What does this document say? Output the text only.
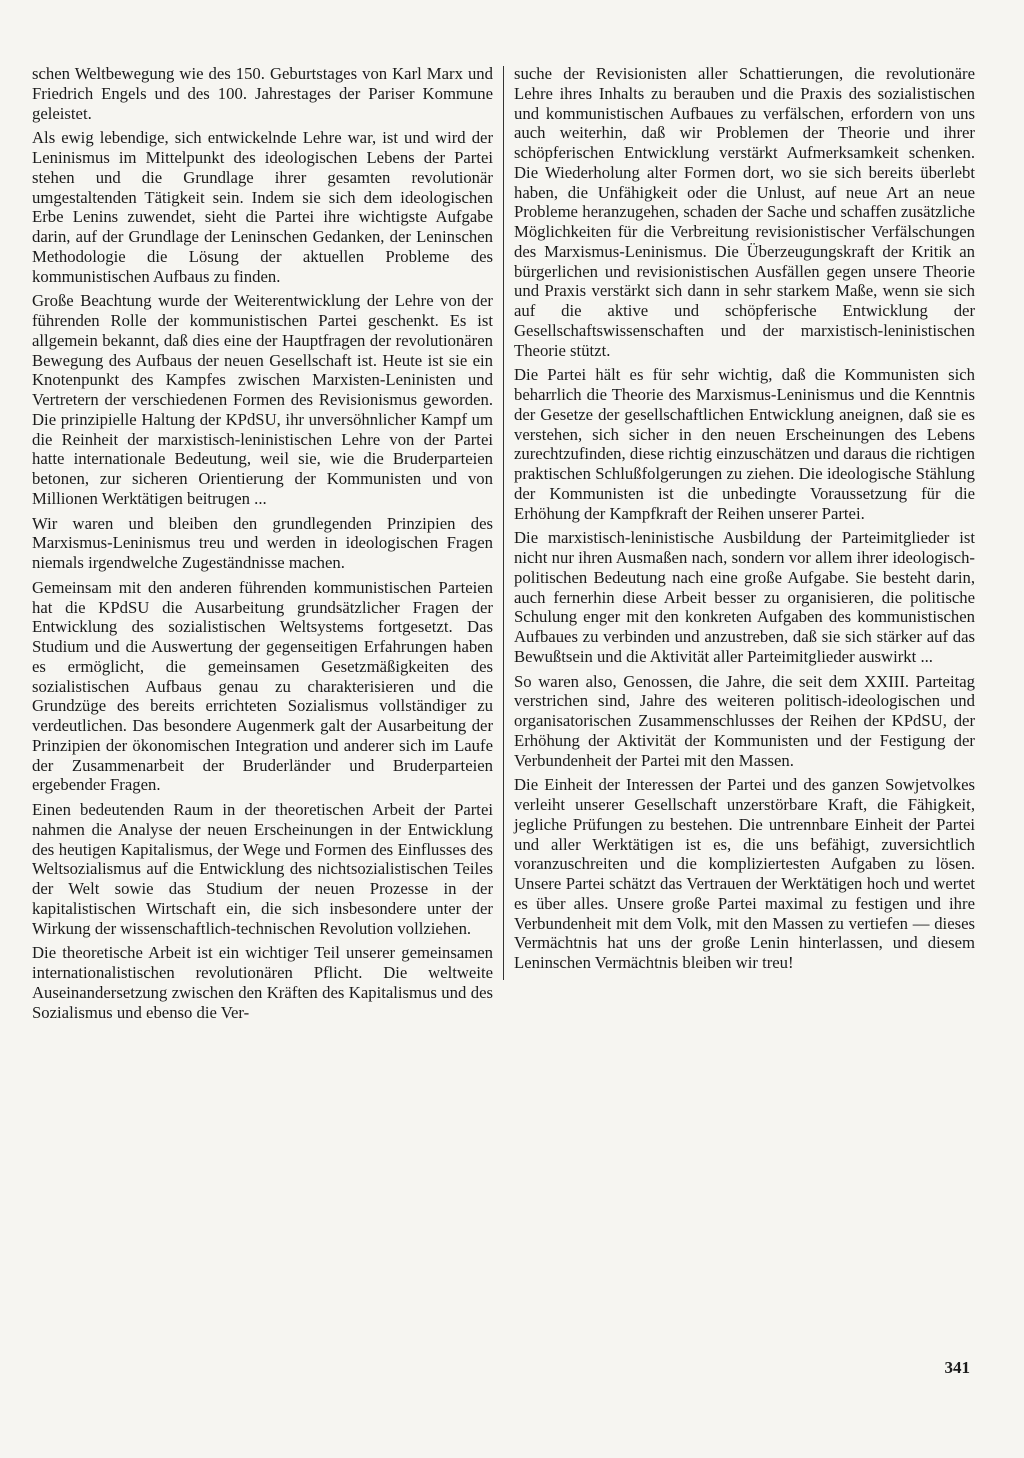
schen Weltbewegung wie des 150. Geburtstages von Karl Marx und Friedrich Engels und des 100. Jahrestages der Pariser Kommune geleistet.

Als ewig lebendige, sich entwickelnde Lehre war, ist und wird der Leninismus im Mittelpunkt des ideologischen Lebens der Partei stehen und die Grundlage ihrer gesamten revolutionär umgestaltenden Tätigkeit sein. Indem sie sich dem ideologischen Erbe Lenins zuwendet, sieht die Partei ihre wichtigste Aufgabe darin, auf der Grundlage der Leninschen Gedanken, der Leninschen Methodologie die Lösung der aktuellen Probleme des kommunistischen Aufbaus zu finden.

Große Beachtung wurde der Weiterentwicklung der Lehre von der führenden Rolle der kommunistischen Partei geschenkt. Es ist allgemein bekannt, daß dies eine der Hauptfragen der revolutionären Bewegung des Aufbaus der neuen Gesellschaft ist. Heute ist sie ein Knotenpunkt des Kampfes zwischen Marxisten-Leninisten und Vertretern der verschiedenen Formen des Revisionismus geworden. Die prinzipielle Haltung der KPdSU, ihr unversöhnlicher Kampf um die Reinheit der marxistisch-leninistischen Lehre von der Partei hatte internationale Bedeutung, weil sie, wie die Bruderparteien betonen, zur sicheren Orientierung der Kommunisten und von Millionen Werktätigen beitrugen ...

Wir waren und bleiben den grundlegenden Prinzipien des Marxismus-Leninismus treu und werden in ideologischen Fragen niemals irgendwelche Zugeständnisse machen.

Gemeinsam mit den anderen führenden kommunistischen Parteien hat die KPdSU die Ausarbeitung grundsätzlicher Fragen der Entwicklung des sozialistischen Weltsystems fortgesetzt. Das Studium und die Auswertung der gegenseitigen Erfahrungen haben es ermöglicht, die gemeinsamen Gesetzmäßigkeiten des sozialistischen Aufbaus genau zu charakterisieren und die Grundzüge des bereits errichteten Sozialismus vollständiger zu verdeutlichen. Das besondere Augenmerk galt der Ausarbeitung der Prinzipien der ökonomischen Integration und anderer sich im Laufe der Zusammenarbeit der Bruderländer und Bruderparteien ergebender Fragen.

Einen bedeutenden Raum in der theoretischen Arbeit der Partei nahmen die Analyse der neuen Erscheinungen in der Entwicklung des heutigen Kapitalismus, der Wege und Formen des Einflusses des Weltsozialismus auf die Entwicklung des nichtsozialistischen Teiles der Welt sowie das Studium der neuen Prozesse in der kapitalistischen Wirtschaft ein, die sich insbesondere unter der Wirkung der wissenschaftlich-technischen Revolution vollziehen.

Die theoretische Arbeit ist ein wichtiger Teil unserer gemeinsamen internationalistischen revolutionären Pflicht. Die weltweite Auseinandersetzung zwischen den Kräften des Kapitalismus und des Sozialismus und ebenso die Ver-

suche der Revisionisten aller Schattierungen, die revolutionäre Lehre ihres Inhalts zu berauben und die Praxis des sozialistischen und kommunistischen Aufbaues zu verfälschen, erfordern von uns auch weiterhin, daß wir Problemen der Theorie und ihrer schöpferischen Entwicklung verstärkt Aufmerksamkeit schenken. Die Wiederholung alter Formen dort, wo sie sich bereits überlebt haben, die Unfähigkeit oder die Unlust, auf neue Art an neue Probleme heranzugehen, schaden der Sache und schaffen zusätzliche Möglichkeiten für die Verbreitung revisionistischer Verfälschungen des Marxismus-Leninismus. Die Überzeugungskraft der Kritik an bürgerlichen und revisionistischen Ausfällen gegen unsere Theorie und Praxis verstärkt sich dann in sehr starkem Maße, wenn sie sich auf die aktive und schöpferische Entwicklung der Gesellschaftswissenschaften und der marxistisch-leninistischen Theorie stützt.

Die Partei hält es für sehr wichtig, daß die Kommunisten sich beharrlich die Theorie des Marxismus-Leninismus und die Kenntnis der Gesetze der gesellschaftlichen Entwicklung aneignen, daß sie es verstehen, sich sicher in den neuen Erscheinungen des Lebens zurechtzufinden, diese richtig einzuschätzen und daraus die richtigen praktischen Schlußfolgerungen zu ziehen. Die ideologische Stählung der Kommunisten ist die unbedingte Voraussetzung für die Erhöhung der Kampfkraft der Reihen unserer Partei.

Die marxistisch-leninistische Ausbildung der Parteimitglieder ist nicht nur ihren Ausmaßen nach, sondern vor allem ihrer ideologisch-politischen Bedeutung nach eine große Aufgabe. Sie besteht darin, auch fernerhin diese Arbeit besser zu organisieren, die politische Schulung enger mit den konkreten Aufgaben des kommunistischen Aufbaues zu verbinden und anzustreben, daß sie sich stärker auf das Bewußtsein und die Aktivität aller Parteimitglieder auswirkt ...

So waren also, Genossen, die Jahre, die seit dem XXIII. Parteitag verstrichen sind, Jahre des weiteren politisch-ideologischen und organisatorischen Zusammenschlusses der Reihen der KPdSU, der Erhöhung der Aktivität der Kommunisten und der Festigung der Verbundenheit der Partei mit den Massen.

Die Einheit der Interessen der Partei und des ganzen Sowjetvolkes verleiht unserer Gesellschaft unzerstörbare Kraft, die Fähigkeit, jegliche Prüfungen zu bestehen. Die untrennbare Einheit der Partei und aller Werktätigen ist es, die uns befähigt, zuversichtlich voranzuschreiten und die kompliziertesten Aufgaben zu lösen. Unsere Partei schätzt das Vertrauen der Werktätigen hoch und wertet es über alles. Unsere große Partei maximal zu festigen und ihre Verbundenheit mit dem Volk, mit den Massen zu vertiefen — dieses Vermächtnis hat uns der große Lenin hinterlassen, und diesem Leninschen Vermächtnis bleiben wir treu!

341
